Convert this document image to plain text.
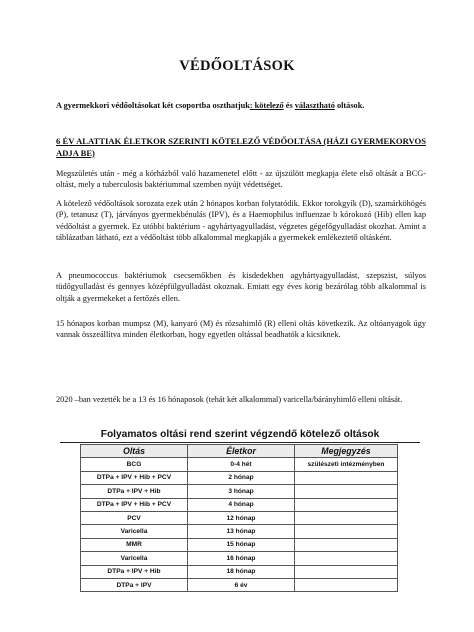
VÉDŐOLTÁSOK
A gyermekkori védőoltásokat két csoportba oszthatjuk: kötelező és választható oltások.
6 ÉV ALATTIAK ÉLETKOR SZERINTI KÖTELEZŐ VÉDŐOLTÁSA (HÁZI GYERMEKORVOS ADJA BE)

Megszületés után - még a kórházból való hazamenetel előtt - az újszülött megkapja élete első oltását a BCG-oltást, mely a tuberculosis baktériummal szemben nyújt védettséget.

A kötelező védőoltások sorozata ezek után 2 hónapos korban folytatódik. Ekkor torokgyík (D), szamárköhögés (P), tetanusz (T), járványos gyermekbénulás (IPV), és a Haemophilus influenzae b kórokozó (Hib) ellen kap védőoltást a gyermek. Ez utóbbi baktérium - agyhártyagyulladást, végzetes gégefőgyulladást okozhat. Amint a táblázatban látható, ezt a védőoltást több alkalommal megkapják a gyermekek emlékeztető oltásként.

A pneumococcus baktériumok csecsemőkben és kisdedekben agyhártyagyulladást, szepszist, súlyos tüdőgyulladást és gennyes középfülgyulladást okoznak. Emiatt egy éves korig bezárólag több alkalommal is oltják a gyermekeket a fertőzés ellen.

15 hónapos korban mumpsz (M), kanyaró (M) és rózsahimlő (R) elleni oltás következik. Az oltóanyagok úgy vannak összeállítva minden életkorban, hogy egyetlen oltással beadhatók a kicsiknek.

2020 –ban vezették be a 13 és 16 hónaposok (tehát két alkalommal) varicella/bárányhimlő elleni oltását.

Folyamatos oltási rend szerint végzendő kötelező oltások
Oltás	Életkor	Megjegyzés
BCG	0-4 hét	szülészeti intézményben
DTPa + IPV + Hib + PCV	2 hónap	
DTPa + IPV + Hib	3 hónap	
DTPa + IPV + Hib + PCV	4 hónap	
PCV	12 hónap	
Varicella	13 hónap	
MMR	15 hónap	
Varicella	16 hónap	
DTPa + IPV + Hib	18 hónap	
DTPa + IPV	6 év	
